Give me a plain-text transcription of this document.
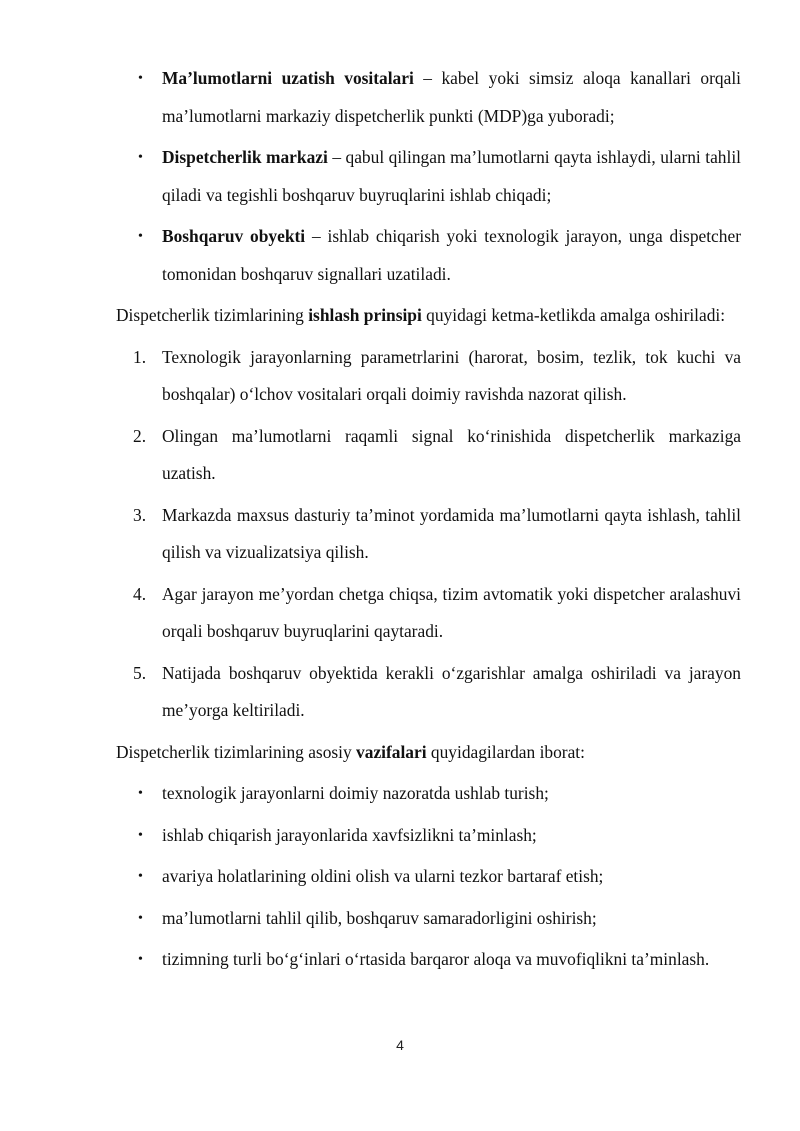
• Ma’lumotlarni uzatish vositalari – kabel yoki simsiz aloqa kanallari orqali ma’lumotlarni markaziy dispetcherlik punkti (MDP)ga yuboradi;
• Dispetcherlik markazi – qabul qilingan ma’lumotlarni qayta ishlaydi, ularni tahlil qiladi va tegishli boshqaruv buyruqlarini ishlab chiqadi;
• Boshqaruv obyekti – ishlab chiqarish yoki texnologik jarayon, unga dispetcher tomonidan boshqaruv signallari uzatiladi.

Dispetcherlik tizimlarining ishlash prinsipi quyidagi ketma-ketlikda amalga oshiriladi:

1. Texnologik jarayonlarning parametrlarini (harorat, bosim, tezlik, tok kuchi va boshqalar) o‘lchov vositalari orqali doimiy ravishda nazorat qilish.
2. Olingan ma’lumotlarni raqamli signal ko‘rinishida dispetcherlik markaziga uzatish.
3. Markazda maxsus dasturiy ta’minot yordamida ma’lumotlarni qayta ishlash, tahlil qilish va vizualizatsiya qilish.
4. Agar jarayon me’yordan chetga chiqsa, tizim avtomatik yoki dispetcher aralashuvi orqali boshqaruv buyruqlarini qaytaradi.
5. Natijada boshqaruv obyektida kerakli o‘zgarishlar amalga oshiriladi va jarayon me’yorga keltiriladi.

Dispetcherlik tizimlarining asosiy vazifalari quyidagilardan iborat:

• texnologik jarayonlarni doimiy nazoratda ushlab turish;
• ishlab chiqarish jarayonlarida xavfsizlikni ta’minlash;
• avariya holatlarining oldini olish va ularni tezkor bartaraf etish;
• ma’lumotlarni tahlil qilib, boshqaruv samaradorligini oshirish;
• tizimning turli bo‘g‘inlari o‘rtasida barqaror aloqa va muvofiqlikni ta’minlash.
4
